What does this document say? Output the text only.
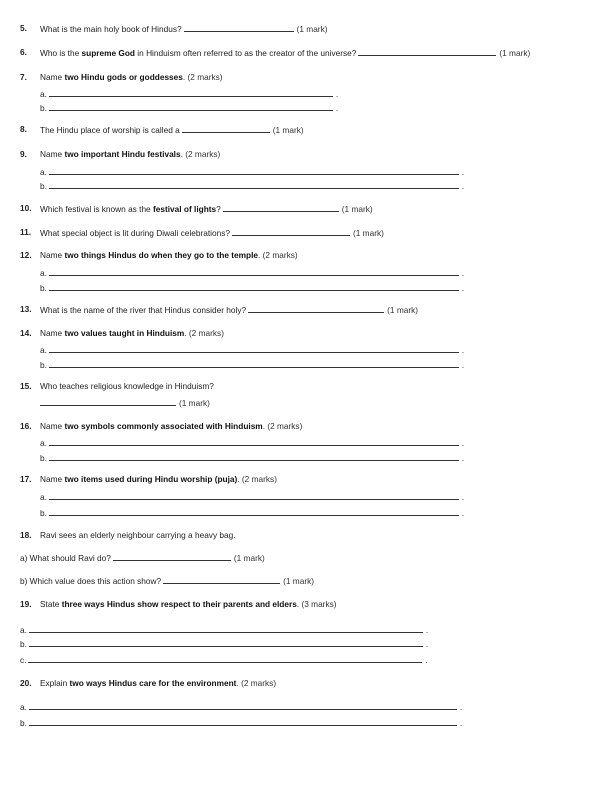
5. What is the main holy book of Hindus?	(1 mark)
6. Who is the supreme God in Hinduism often referred to as the creator of the universe?	(1 mark)
7. Name two Hindu gods or goddesses. (2 marks)
a.	.
b.	.
8. The Hindu place of worship is called a	(1 mark)
9. Name two important Hindu festivals. (2 marks)
a.	.
b.	.
10. Which festival is known as the festival of lights?	(1 mark)
11. What special object is lit during Diwali celebrations?	(1 mark)
12. Name two things Hindus do when they go to the temple. (2 marks)
a.	.
b.	.
13. What is the name of the river that Hindus consider holy?	(1 mark)
14. Name two values taught in Hinduism. (2 marks)
a.	.
b.	.
15. Who teaches religious knowledge in Hinduism?
(1 mark)
16. Name two symbols commonly associated with Hinduism. (2 marks)
a.	.
b.	.
17. Name two items used during Hindu worship (puja). (2 marks)
a.	.
b.	.
18. Ravi sees an elderly neighbour carrying a heavy bag.
a) What should Ravi do?	(1 mark)
b) Which value does this action show?	(1 mark)
19. State three ways Hindus show respect to their parents and elders. (3 marks)
a.	.
b.	.
c.	.
20. Explain two ways Hindus care for the environment. (2 marks)
a.	.
b.	.
